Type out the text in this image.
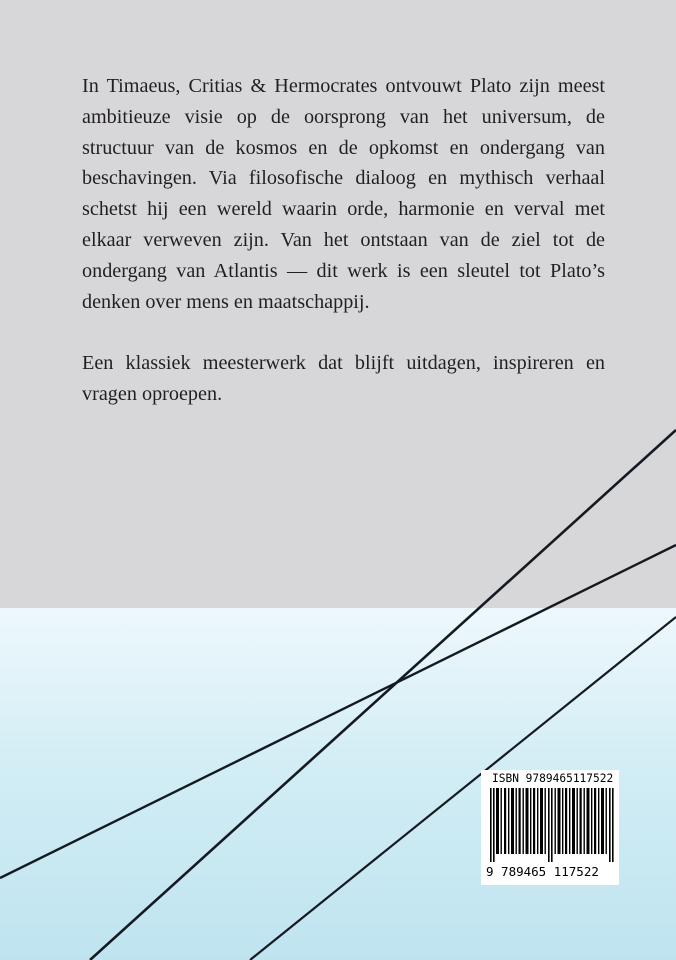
In Timaeus, Critias & Hermocrates ontvouwt Plato zijn meest ambitieuze visie op de oorsprong van het universum, de structuur van de kosmos en de opkomst en ondergang van beschavingen. Via filosofische dialoog en mythisch verhaal schetst hij een wereld waarin orde, harmonie en verval met elkaar verweven zijn. Van het ontstaan van de ziel tot de ondergang van Atlantis — dit werk is een sleutel tot Plato’s denken over mens en maatschappij.

Een klassiek meesterwerk dat blijft uitdagen, inspireren en vragen oproepen.

ISBN 9789465117522
9 789465 117522
